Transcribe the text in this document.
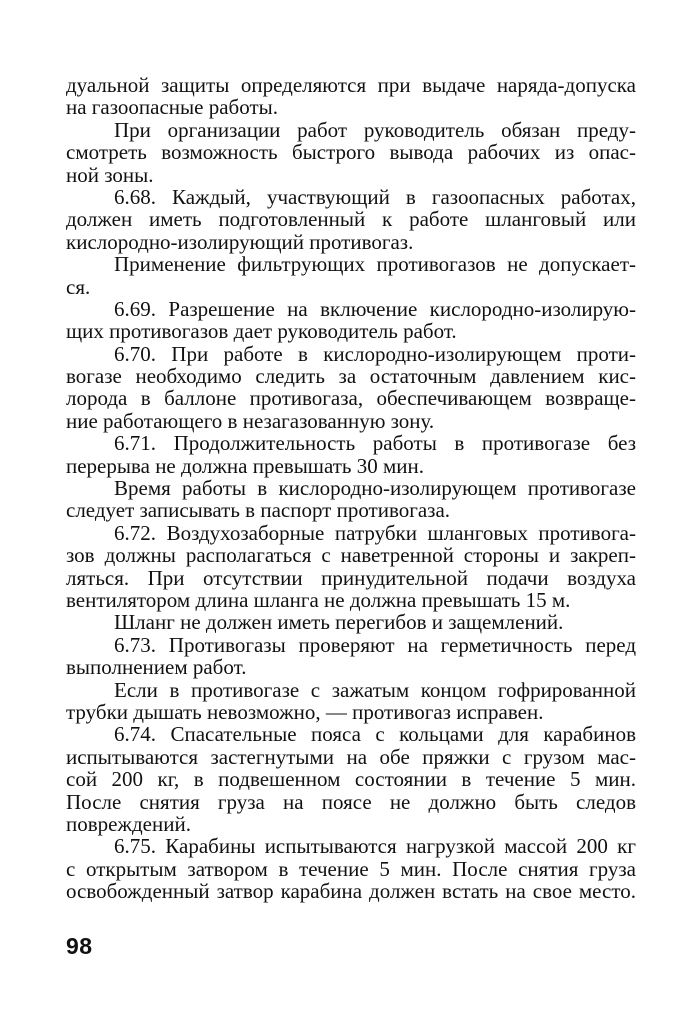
дуальной защиты определяются при выдаче наряда-допуска
на газоопасные работы.
При организации работ руководитель обязан преду-
смотреть возможность быстрого вывода рабочих из опас-
ной зоны.
6.68. Каждый, участвующий в газоопасных работах,
должен иметь подготовленный к работе шланговый или
кислородно-изолирующий противогаз.
Применение фильтрующих противогазов не допускает-
ся.
6.69. Разрешение на включение кислородно-изолирую-
щих противогазов дает руководитель работ.
6.70. При работе в кислородно-изолирующем проти-
вогазе необходимо следить за остаточным давлением кис-
лорода в баллоне противогаза, обеспечивающем возвраще-
ние работающего в незагазованную зону.
6.71. Продолжительность работы в противогазе без
перерыва не должна превышать 30 мин.
Время работы в кислородно-изолирующем противогазе
следует записывать в паспорт противогаза.
6.72. Воздухозаборные патрубки шланговых противога-
зов должны располагаться с наветренной стороны и закреп-
ляться. При отсутствии принудительной подачи воздуха
вентилятором длина шланга не должна превышать 15 м.
Шланг не должен иметь перегибов и защемлений.
6.73. Противогазы проверяют на герметичность перед
выполнением работ.
Если в противогазе с зажатым концом гофрированной
трубки дышать невозможно, — противогаз исправен.
6.74. Спасательные пояса с кольцами для карабинов
испытываются застегнутыми на обе пряжки с грузом мас-
сой 200 кг, в подвешенном состоянии в течение 5 мин.
После снятия груза на поясе не должно быть следов
повреждений.
6.75. Карабины испытываются нагрузкой массой 200 кг
с открытым затвором в течение 5 мин. После снятия груза
освобожденный затвор карабина должен встать на свое место.
98
